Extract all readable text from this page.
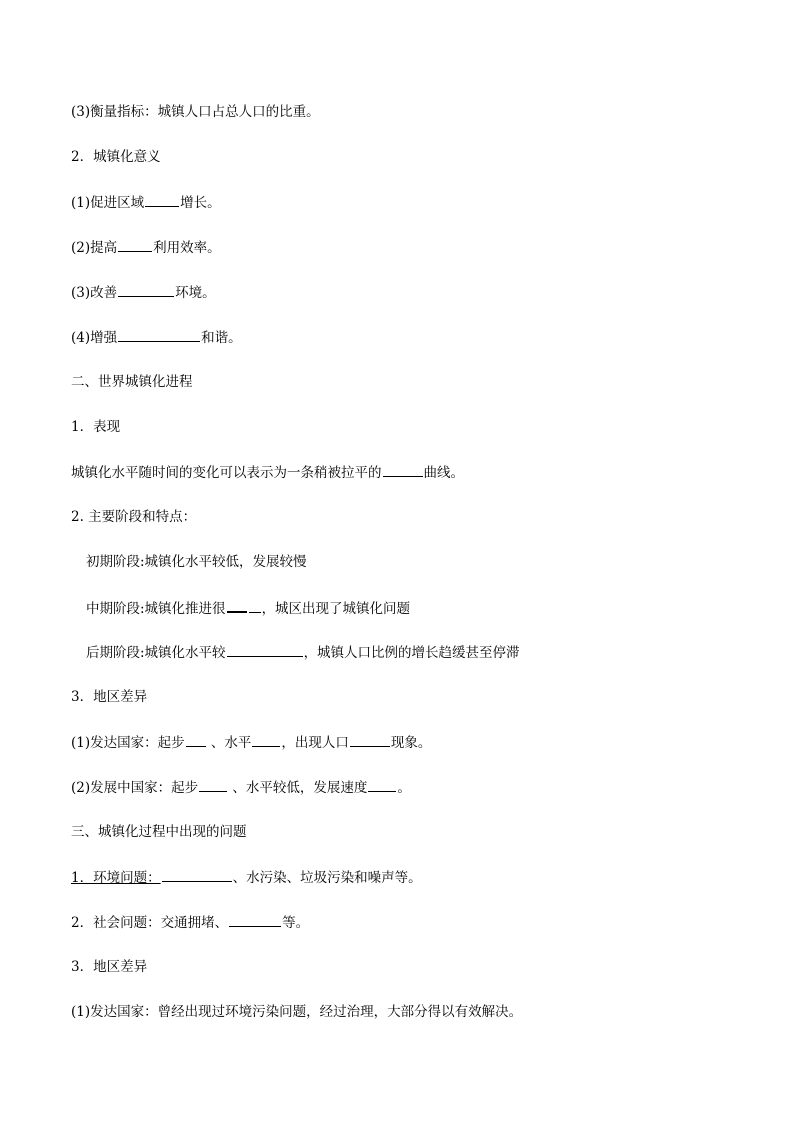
(3)衡量指标：城镇人口占总人口的比重。
2．城镇化意义
(1)促进区域	增长。
(2)提高	利用效率。
(3)改善	环境。
(4)增强	和谐。
二、世界城镇化进程
1．表现
城镇化水平随时间的变化可以表示为一条稍被拉平的	曲线。
2. 主要阶段和特点：
初期阶段:城镇化水平较低，发展较慢
中期阶段:城镇化推进很	，城区出现了城镇化问题
后期阶段:城镇化水平较	，城镇人口比例的增长趋缓甚至停滞
3．地区差异
(1)发达国家：起步 、水平 ，出现人口	现象。
(2)发展中国家：起步	、水平较低，发展速度 。
三、城镇化过程中出现的问题
1．环境问题：	、水污染、垃圾污染和噪声等。
2．社会问题：交通拥堵、	等。
3．地区差异
(1)发达国家：曾经出现过环境污染问题，经过治理，大部分得以有效解决。
